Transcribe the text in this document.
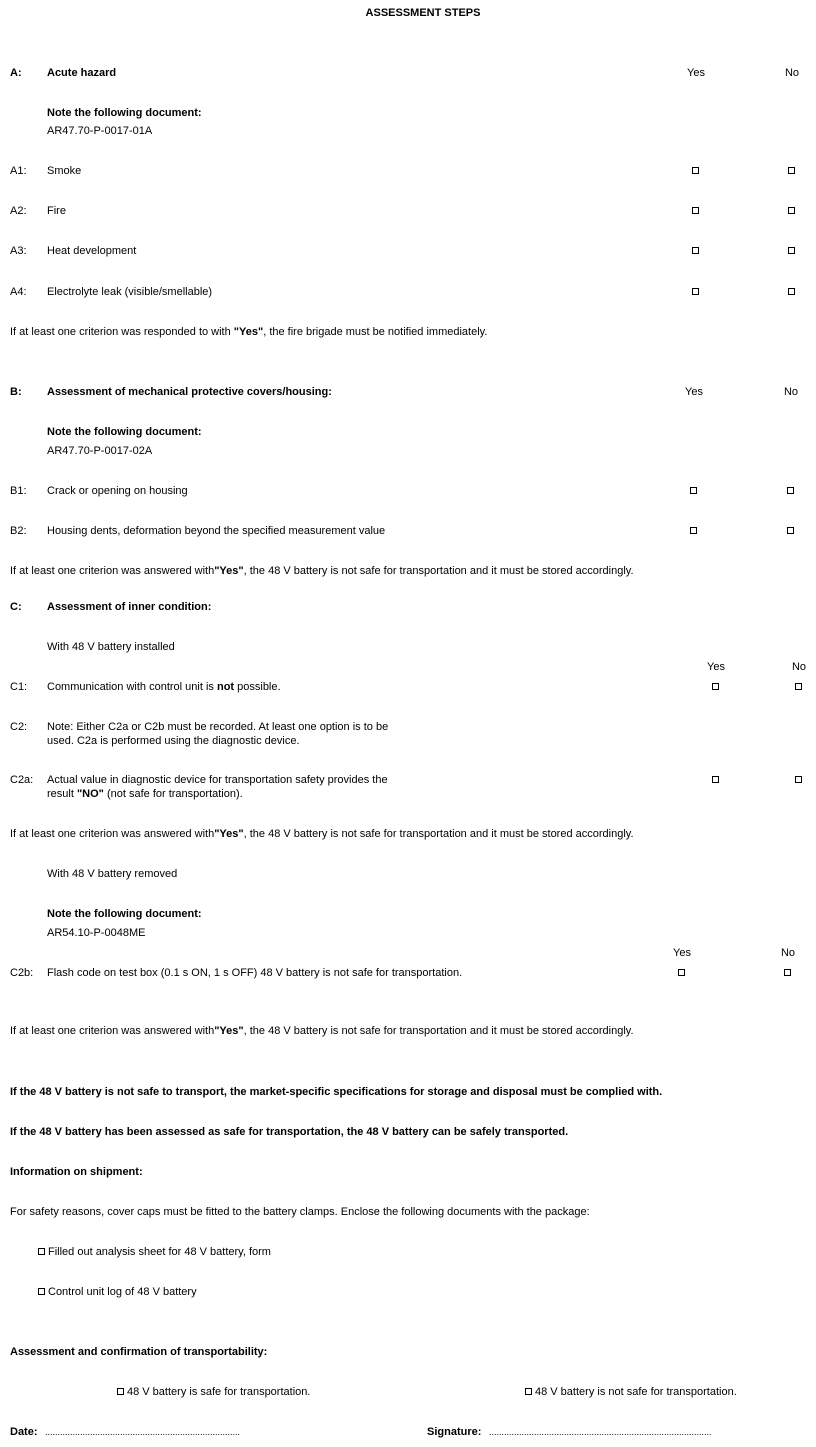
ASSESSMENT STEPS
A: Acute hazard	Yes	No
Note the following document:
AR47.70-P-0017-01A
A1: Smoke
A2: Fire
A3: Heat development
A4: Electrolyte leak (visible/smellable)
If at least one criterion was responded to with "Yes", the fire brigade must be notified immediately.
B: Assessment of mechanical protective covers/housing:	Yes	No
Note the following document:
AR47.70-P-0017-02A
B1: Crack or opening on housing
B2: Housing dents, deformation beyond the specified measurement value
If at least one criterion was answered with"Yes", the 48 V battery is not safe for transportation and it must be stored accordingly.
C: Assessment of inner condition:
With 48 V battery installed
Yes	No
C1: Communication with control unit is not possible.
C2: Note: Either C2a or C2b must be recorded. At least one option is to be
used. C2a is performed using the diagnostic device.
C2a: Actual value in diagnostic device for transportation safety provides the
result "NO" (not safe for transportation).
If at least one criterion was answered with"Yes", the 48 V battery is not safe for transportation and it must be stored accordingly.
With 48 V battery removed
Note the following document:
AR54.10-P-0048ME
Yes	No
C2b: Flash code on test box (0.1 s ON, 1 s OFF) 48 V battery is not safe for transportation.
If at least one criterion was answered with"Yes", the 48 V battery is not safe for transportation and it must be stored accordingly.
If the 48 V battery is not safe to transport, the market-specific specifications for storage and disposal must be complied with.
If the 48 V battery has been assessed as safe for transportation, the 48 V battery can be safely transported.
Information on shipment:
For safety reasons, cover caps must be fitted to the battery clamps. Enclose the following documents with the package:
Filled out analysis sheet for 48 V battery, form
Control unit log of 48 V battery
Assessment and confirmation of transportability:
48 V battery is safe for transportation.	48 V battery is not safe for transportation.
Date: ..............................................................................	Signature: .........................................................................................
